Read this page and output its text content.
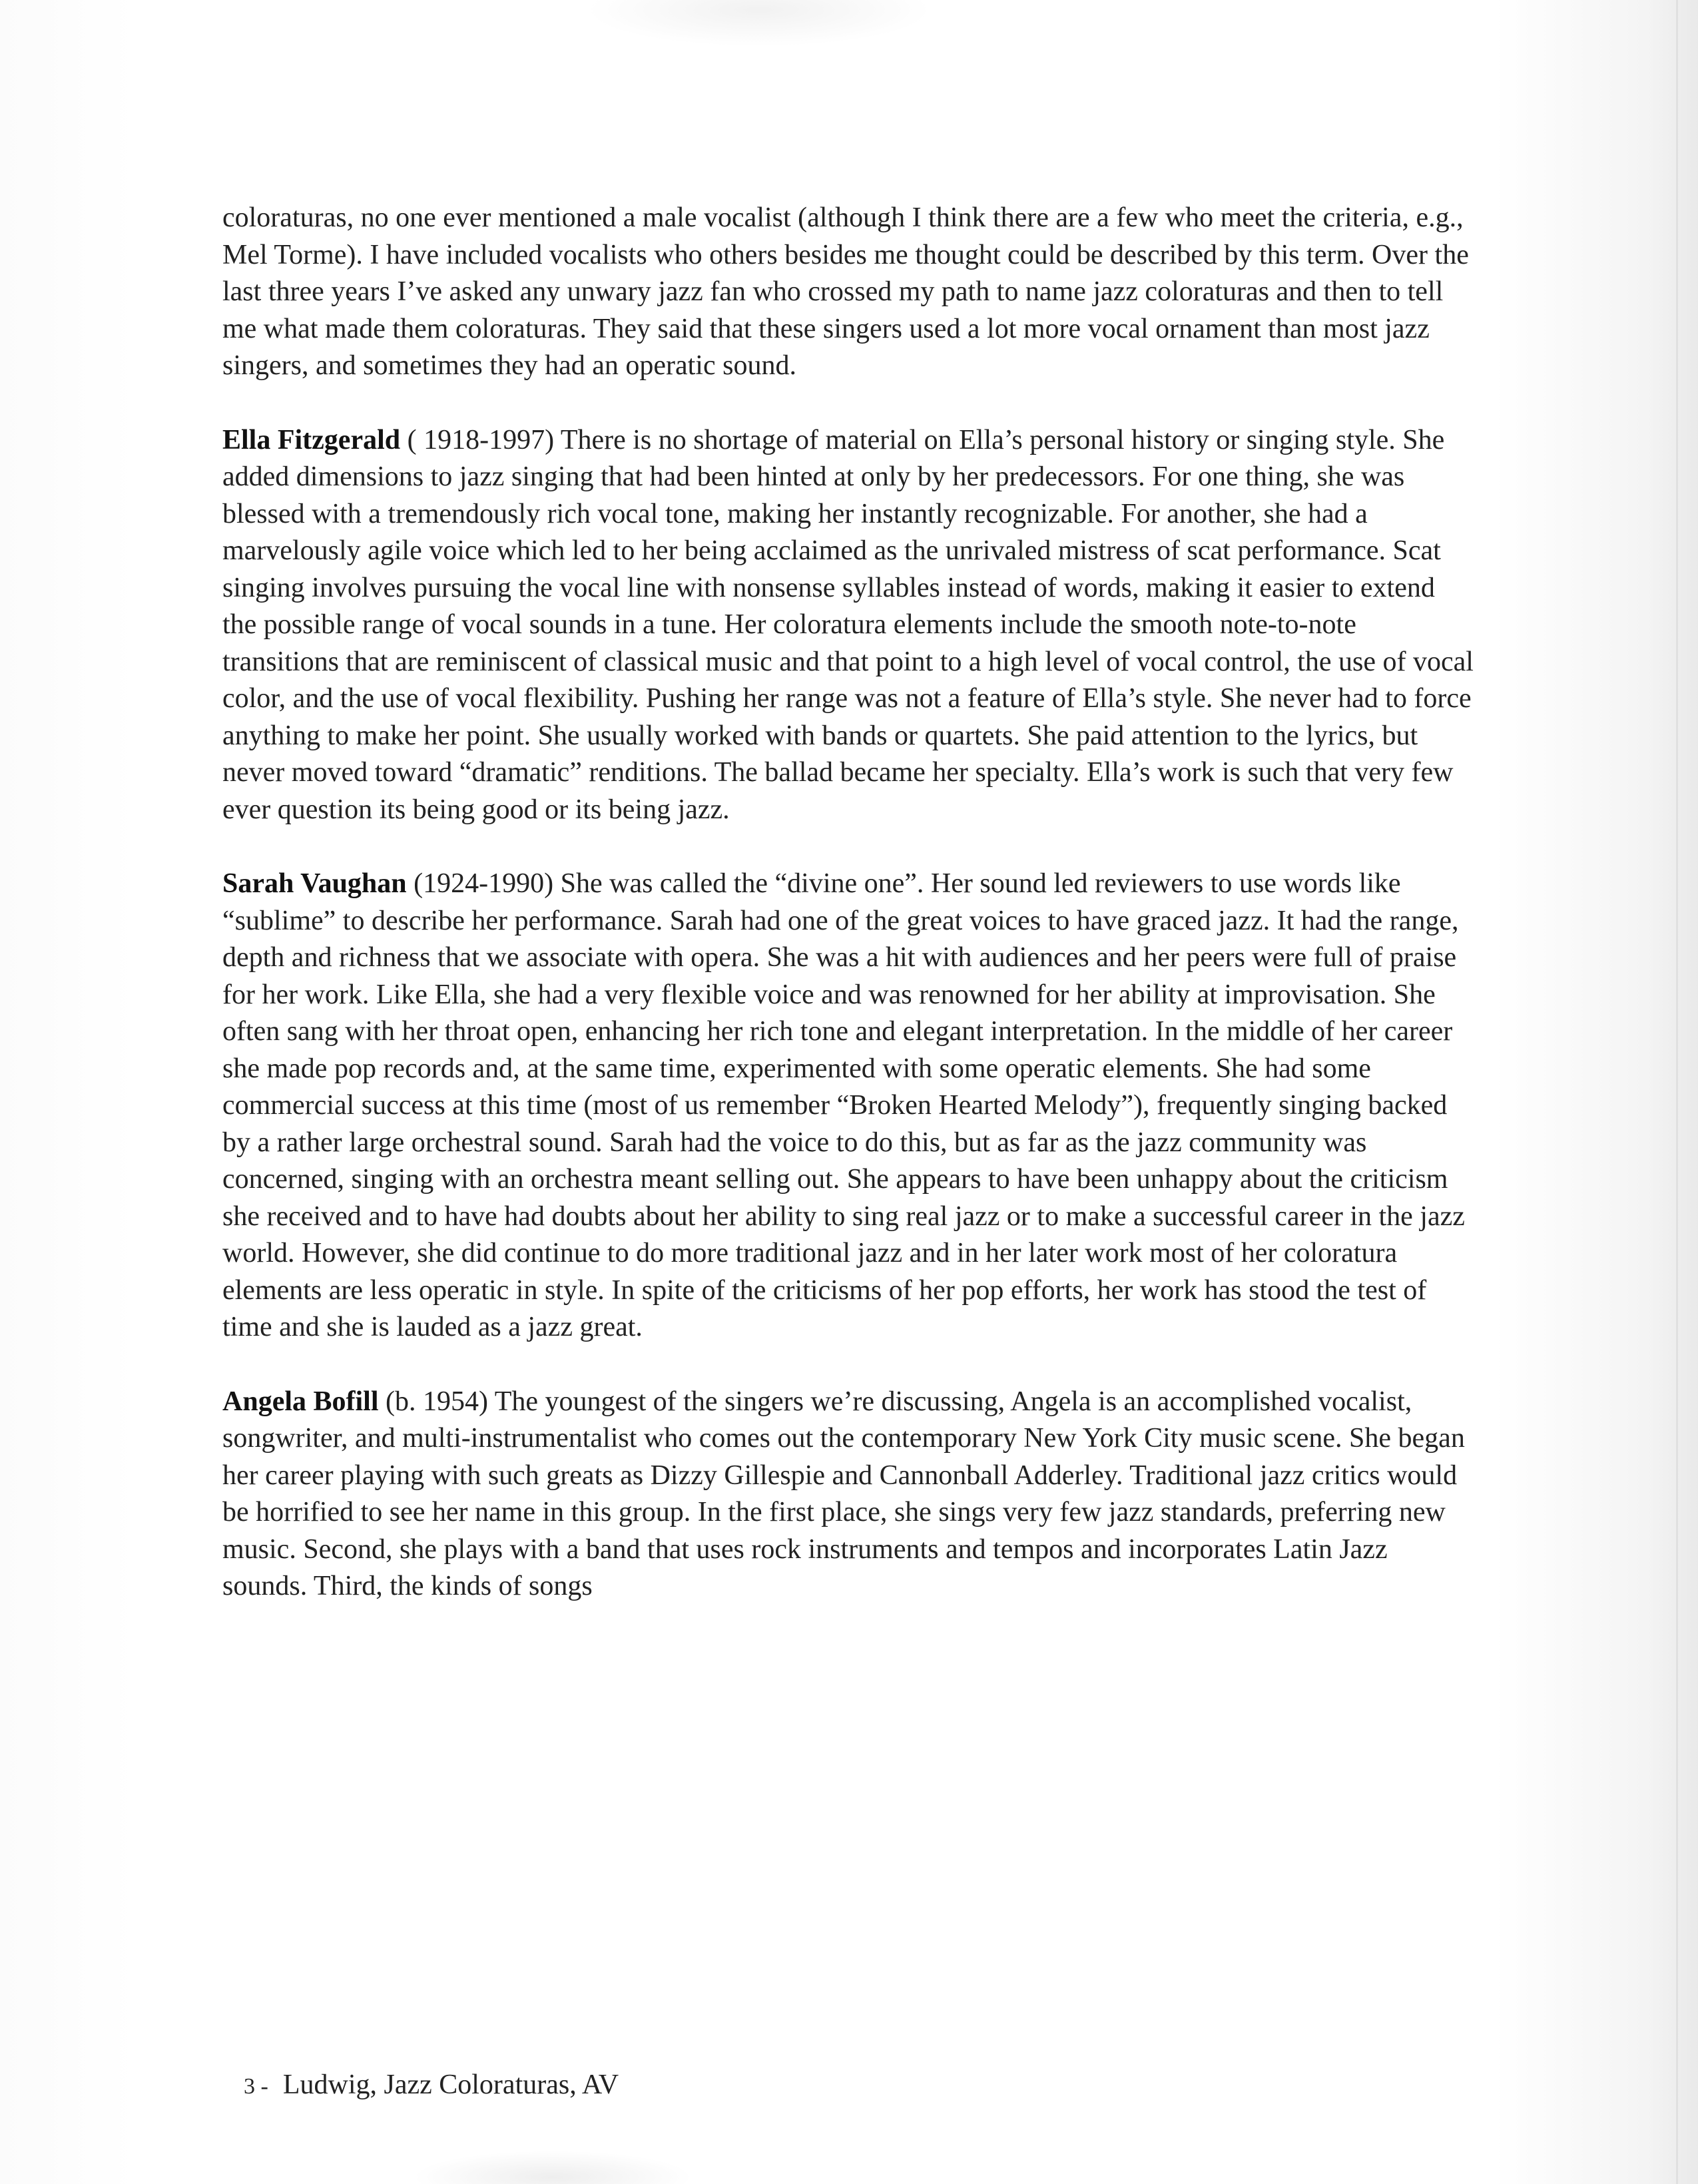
coloraturas, no one ever mentioned a male vocalist (although I think there are a few who meet the criteria, e.g., Mel Torme). I have included vocalists who others besides me thought could be described by this term. Over the last three years I’ve asked any unwary jazz fan who crossed my path to name jazz coloraturas and then to tell me what made them coloraturas. They said that these singers used a lot more vocal ornament than most jazz singers, and sometimes they had an operatic sound.

Ella Fitzgerald ( 1918-1997) There is no shortage of material on Ella’s personal history or singing style. She added dimensions to jazz singing that had been hinted at only by her predecessors. For one thing, she was blessed with a tremendously rich vocal tone, making her instantly recognizable. For another, she had a marvelously agile voice which led to her being acclaimed as the unrivaled mistress of scat performance. Scat singing involves pursuing the vocal line with nonsense syllables instead of words, making it easier to extend the possible range of vocal sounds in a tune. Her coloratura elements include the smooth note-to-note transitions that are reminiscent of classical music and that point to a high level of vocal control, the use of vocal color, and the use of vocal flexibility. Pushing her range was not a feature of Ella’s style. She never had to force anything to make her point. She usually worked with bands or quartets. She paid attention to the lyrics, but never moved toward “dramatic” renditions. The ballad became her specialty. Ella’s work is such that very few ever question its being good or its being jazz.

Sarah Vaughan (1924-1990) She was called the “divine one”. Her sound led reviewers to use words like “sublime” to describe her performance. Sarah had one of the great voices to have graced jazz. It had the range, depth and richness that we associate with opera. She was a hit with audiences and her peers were full of praise for her work. Like Ella, she had a very flexible voice and was renowned for her ability at improvisation. She often sang with her throat open, enhancing her rich tone and elegant interpretation. In the middle of her career she made pop records and, at the same time, experimented with some operatic elements. She had some commercial success at this time (most of us remember “Broken Hearted Melody”), frequently singing backed by a rather large orchestral sound. Sarah had the voice to do this, but as far as the jazz community was concerned, singing with an orchestra meant selling out. She appears to have been unhappy about the criticism she received and to have had doubts about her ability to sing real jazz or to make a successful career in the jazz world. However, she did continue to do more traditional jazz and in her later work most of her coloratura elements are less operatic in style. In spite of the criticisms of her pop efforts, her work has stood the test of time and she is lauded as a jazz great.

Angela Bofill (b. 1954) The youngest of the singers we’re discussing, Angela is an accomplished vocalist, songwriter, and multi-instrumentalist who comes out the contemporary New York City music scene. She began her career playing with such greats as Dizzy Gillespie and Cannonball Adderley. Traditional jazz critics would be horrified to see her name in this group. In the first place, she sings very few jazz standards, preferring new music. Second, she plays with a band that uses rock instruments and tempos and incorporates Latin Jazz sounds. Third, the kinds of songs

3 - Ludwig, Jazz Coloraturas, AV
